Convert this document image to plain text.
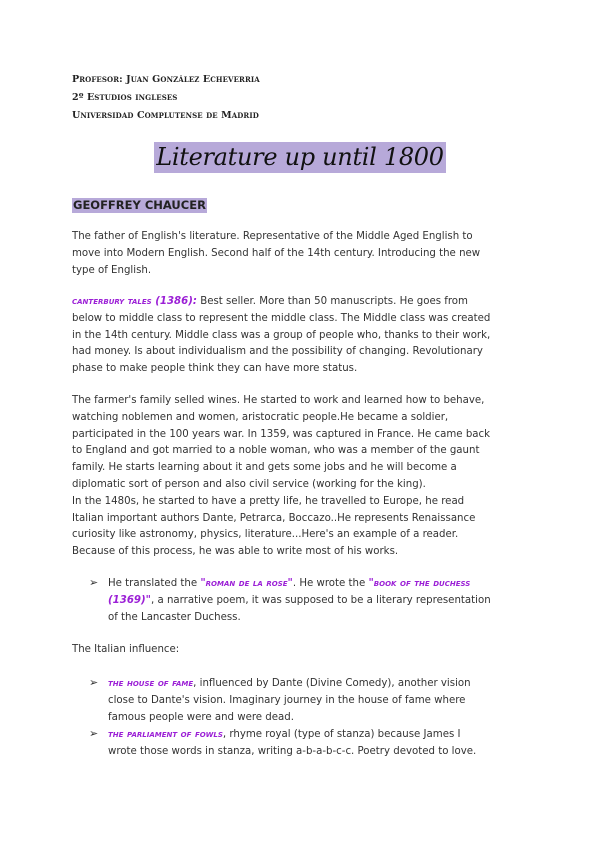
Profesor: Juan González Echeverria
2º Estudios ingleses
Universidad Complutense de Madrid
Literature up until 1800
GEOFFREY CHAUCER
The father of English's literature. Representative of the Middle Aged English to
move into Modern English. Second half of the 14th century. Introducing the new
type of English.
canterbury tales (1386): Best seller. More than 50 manuscripts. He goes from
below to middle class to represent the middle class. The Middle class was created
in the 14th century. Middle class was a group of people who, thanks to their work,
had money. Is about individualism and the possibility of changing. Revolutionary
phase to make people think they can have more status.
The farmer's family selled wines. He started to work and learned how to behave,
watching noblemen and women, aristocratic people.He became a soldier,
participated in the 100 years war. In 1359, was captured in France. He came back
to England and got married to a noble woman, who was a member of the gaunt
family. He starts learning about it and gets some jobs and he will become a
diplomatic sort of person and also civil service (working for the king).
In the 1480s, he started to have a pretty life, he travelled to Europe, he read
Italian important authors Dante, Petrarca, Boccazo..He represents Renaissance
curiosity like astronomy, physics, literature...Here's an example of a reader.
Because of this process, he was able to write most of his works.
➢ He translated the "roman de la rose". He wrote the "book of the duchess
(1369)", a narrative poem, it was supposed to be a literary representation
of the Lancaster Duchess.
The Italian influence:
➢ the house of fame, influenced by Dante (Divine Comedy), another vision
close to Dante's vision. Imaginary journey in the house of fame where
famous people were and were dead.
➢ the parliament of fowls, rhyme royal (type of stanza) because James I
wrote those words in stanza, writing a-b-a-b-c-c. Poetry devoted to love.
